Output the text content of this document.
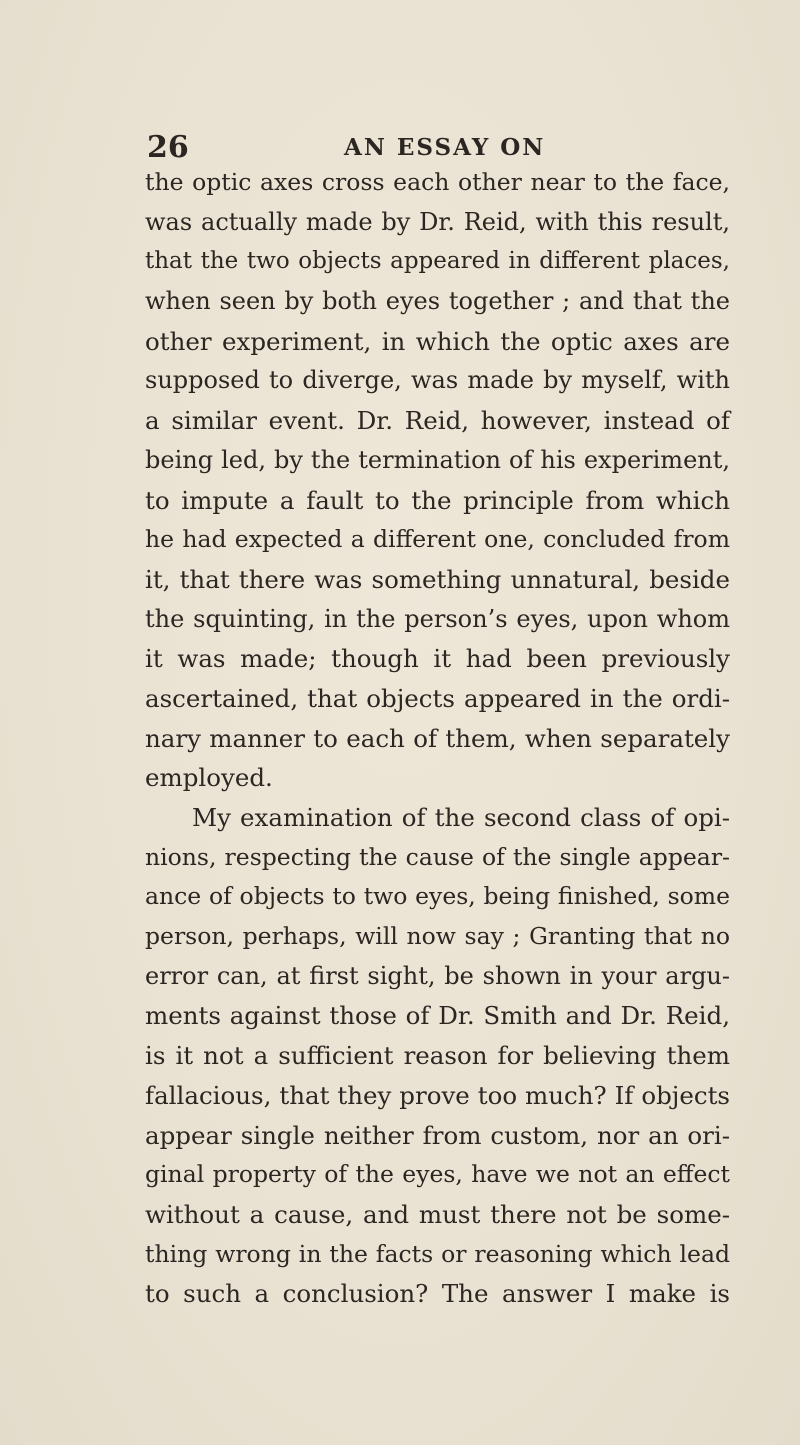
26	AN ESSAY ON
the optic axes cross each other near to the face,
was actually made by Dr. Reid, with this result,
that the two objects appeared in different places,
when seen by both eyes together ; and that the
other experiment, in which the optic axes are
supposed to diverge, was made by myself, with
a similar event. Dr. Reid, however, instead of
being led, by the termination of his experiment,
to impute a fault to the principle from which
he had expected a different one, concluded from
it, that there was something unnatural, beside
the squinting, in the person’s eyes, upon whom
it was made; though it had been previously
ascertained, that objects appeared in the ordi-
nary manner to each of them, when separately
employed.
My examination of the second class of opi-
nions, respecting the cause of the single appear-
ance of objects to two eyes, being finished, some
person, perhaps, will now say ; Granting that no
error can, at first sight, be shown in your argu-
ments against those of Dr. Smith and Dr. Reid,
is it not a sufficient reason for believing them
fallacious, that they prove too much? If objects
appear single neither from custom, nor an ori-
ginal property of the eyes, have we not an effect
without a cause, and must there not be some-
thing wrong in the facts or reasoning which lead
to such a conclusion? The answer I make is
